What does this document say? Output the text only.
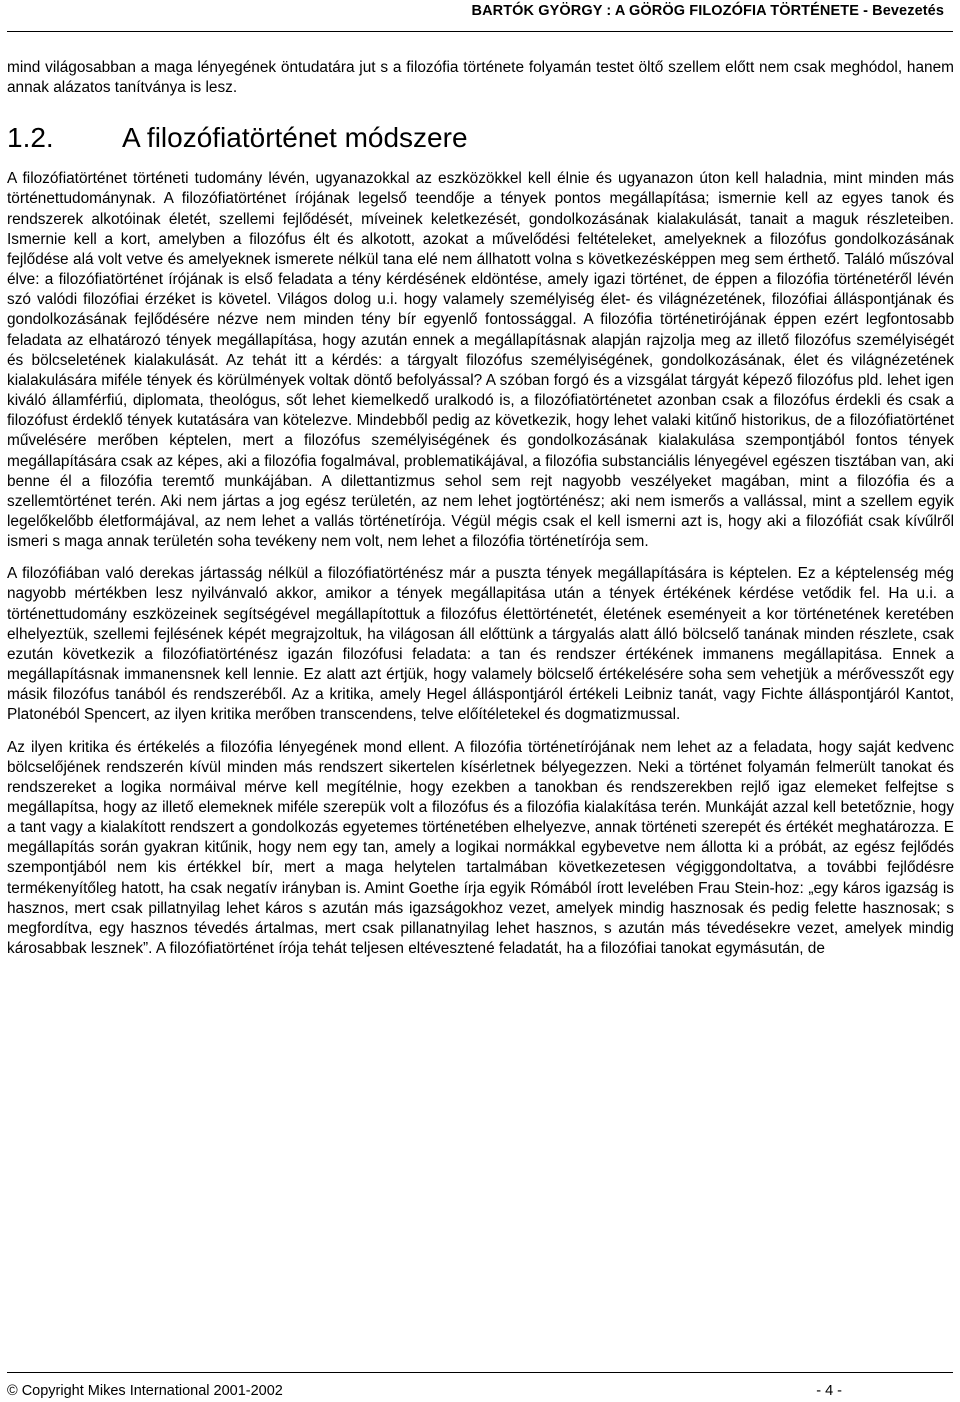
BARTÓK GYÖRGY : A GÖRÖG FILOZÓFIA TÖRTÉNETE - Bevezetés

mind világosabban a maga lényegének öntudatára jut s a filozófia története folyamán testet öltő szellem előtt nem csak meghódol, hanem annak alázatos tanítványa is lesz.

1.2.	A filozófiatörténet módszere

A filozófiatörténet történeti tudomány lévén, ugyanazokkal az eszközökkel kell élnie és ugyanazon úton kell haladnia, mint minden más történettudománynak. A filozófiatörténet írójának legelső teendője a tények pontos megállapítása; ismernie kell az egyes tanok és rendszerek alkotóinak életét, szellemi fejlődését, míveinek keletkezését, gondolkozásának kialakulását, tanait a maguk részleteiben. Ismernie kell a kort, amelyben a filozófus élt és alkotott, azokat a művelődési feltételeket, amelyeknek a filozófus gondolkozásának fejlődése alá volt vetve és amelyeknek ismerete nélkül tana elé nem állhatott volna s következésképpen meg sem érthető. Találó műszóval élve: a filozófiatörténet írójának is első feladata a tény kérdésének eldöntése, amely igazi történet, de éppen a filozófia történetéről lévén szó valódi filozófiai érzéket is követel. Világos dolog u.i. hogy valamely személyiség élet- és világnézetének, filozófiai álláspontjának és gondolkozásának fejlődésére nézve nem minden tény bír egyenlő fontossággal. A filozófia történetirójának éppen ezért legfontosabb feladata az elhatározó tények megállapítása, hogy azután ennek a megállapításnak alapján rajzolja meg az illető filozófus személyiségét és bölcseletének kialakulását. Az tehát itt a kérdés: a tárgyalt filozófus személyiségének, gondolkozásának, élet és világnézetének kialakulására miféle tények és körülmények voltak döntő befolyással? A szóban forgó és a vizsgálat tárgyát képező filozófus pld. lehet igen kiváló államférfiú, diplomata, theológus, sőt lehet kiemelkedő uralkodó is, a filozófiatörténetet azonban csak a filozófus érdekli és csak a filozófust érdeklő tények kutatására van kötelezve. Mindebből pedig az következik, hogy lehet valaki kitűnő historikus, de a filozófiatörténet művelésére merőben képtelen, mert a filozófus személyiségének és gondolkozásának kialakulása szempontjából fontos tények megállapítására csak az képes, aki a filozófia fogalmával, problematikájával, a filozófia substanciális lényegével egészen tisztában van, aki benne él a filozófia teremtő munkájában. A dilettantizmus sehol sem rejt nagyobb veszélyeket magában, mint a filozófia és a szellemtörténet terén. Aki nem jártas a jog egész területén, az nem lehet jogtörténész; aki nem ismerős a vallással, mint a szellem egyik legelőkelőbb életformájával, az nem lehet a vallás történetírója. Végül mégis csak el kell ismerni azt is, hogy aki a filozófiát csak kívűlről ismeri s maga annak területén soha tevékeny nem volt, nem lehet a filozófia történetírója sem.

A filozófiában való derekas jártasság nélkül a filozófiatörténész már a puszta tények megállapítására is képtelen. Ez a képtelenség még nagyobb mértékben lesz nyilvánvaló akkor, amikor a tények megállapitása után a tények értékének kérdése vetődik fel. Ha u.i. a történettudomány eszközeinek segítségével megállapítottuk a filozófus élettörténetét, életének eseményeit a kor történetének keretében elhelyeztük, szellemi fejlésének képét megrajzoltuk, ha világosan áll előttünk a tárgyalás alatt álló bölcselő tanának minden részlete, csak ezután következik a filozófiatörténész igazán filozófusi feladata: a tan és rendszer értékének immanens megállapitása. Ennek a megállapításnak immanensnek kell lennie. Ez alatt azt értjük, hogy valamely bölcselő értékelésére soha sem vehetjük a mérővesszőt egy másik filozófus tanából és rendszeréből. Az a kritika, amely Hegel álláspontjáról értékeli Leibniz tanát, vagy Fichte álláspontjáról Kantot, Platonéból Spencert, az ilyen kritika merőben transcendens, telve előítéletekel és dogmatizmussal.

Az ilyen kritika és értékelés a filozófia lényegének mond ellent. A filozófia történetírójának nem lehet az a feladata, hogy saját kedvenc bölcselőjének rendszerén kívül minden más rendszert sikertelen kísérletnek bélyegezzen. Neki a történet folyamán felmerült tanokat és rendszereket a logika normáival mérve kell megítélnie, hogy ezekben a tanokban és rendszerekben rejlő igaz elemeket felfejtse s megállapítsa, hogy az illető elemeknek miféle szerepük volt a filozófus és a filozófia kialakítása terén. Munkáját azzal kell betetőznie, hogy a tant vagy a kialakított rendszert a gondolkozás egyetemes történetében elhelyezve, annak történeti szerepét és értékét meghatározza. E megállapítás során gyakran kitűnik, hogy nem egy tan, amely a logikai normákkal egybevetve nem állotta ki a próbát, az egész fejlődés szempontjából nem kis értékkel bír, mert a maga helytelen tartalmában következetesen végiggondoltatva, a további fejlődésre termékenyítőleg hatott, ha csak negatív irányban is. Amint Goethe írja egyik Rómából írott levelében Frau Stein-hoz: „egy káros igazság is hasznos, mert csak pillatnyilag lehet káros s azután más igazságokhoz vezet, amelyek mindig hasznosak és pedig felette hasznosak; s megfordítva, egy hasznos tévedés ártalmas, mert csak pillanatnyilag lehet hasznos, s azután más tévedésekre vezet, amelyek mindig károsabbak lesznek”. A filozófiatörténet írója tehát teljesen eltévesztené feladatát, ha a filozófiai tanokat egymásután, de

© Copyright Mikes International 2001-2002	- 4 -
